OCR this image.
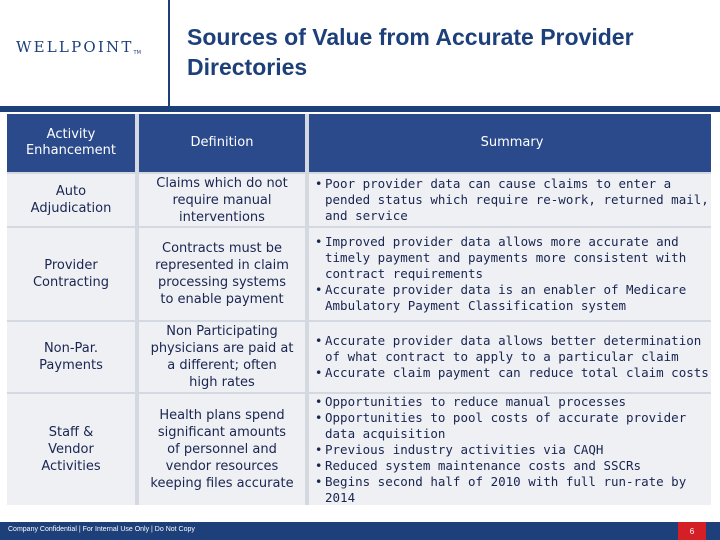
WELLPOINTTM
Sources of Value from Accurate Provider
Directories
Activity
Enhancement
Definition	Summary
Auto
Adjudication
Claims which do not
require manual
interventions
• Poor provider data can cause claims to enter a pended status which require re-work, returned mail, and service
Provider
Contracting
Contracts must be
represented in claim
processing systems
to enable payment
• Improved provider data allows more accurate and timely payment and payments more consistent with contract requirements
• Accurate provider data is an enabler of Medicare Ambulatory Payment Classification system
Non-Par.
Payments
Non Participating
physicians are paid at
a different; often
high rates
• Accurate provider data allows better determination of what contract to apply to a particular claim
• Accurate claim payment can reduce total claim costs
Staff &
Vendor
Activities
Health plans spend
significant amounts
of personnel and
vendor resources
keeping files accurate
• Opportunities to reduce manual processes
• Opportunities to pool costs of accurate provider data acquisition
• Previous industry activities via CAQH
• Reduced system maintenance costs and SSCRs
• Begins second half of 2010 with full run-rate by 2014
Company Confidential | For Internal Use Only | Do Not Copy	6
